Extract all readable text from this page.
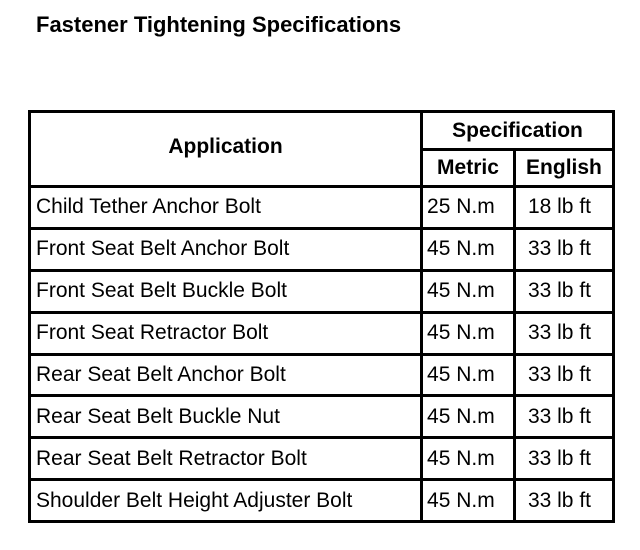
Fastener Tightening Specifications
Application	Specification	
	Metric	English
Child Tether Anchor Bolt	25 N.m	18 lb ft
Front Seat Belt Anchor Bolt	45 N.m	33 lb ft
Front Seat Belt Buckle Bolt	45 N.m	33 lb ft
Front Seat Retractor Bolt	45 N.m	33 lb ft
Rear Seat Belt Anchor Bolt	45 N.m	33 lb ft
Rear Seat Belt Buckle Nut	45 N.m	33 lb ft
Rear Seat Belt Retractor Bolt	45 N.m	33 lb ft
Shoulder Belt Height Adjuster Bolt	45 N.m	33 lb ft
